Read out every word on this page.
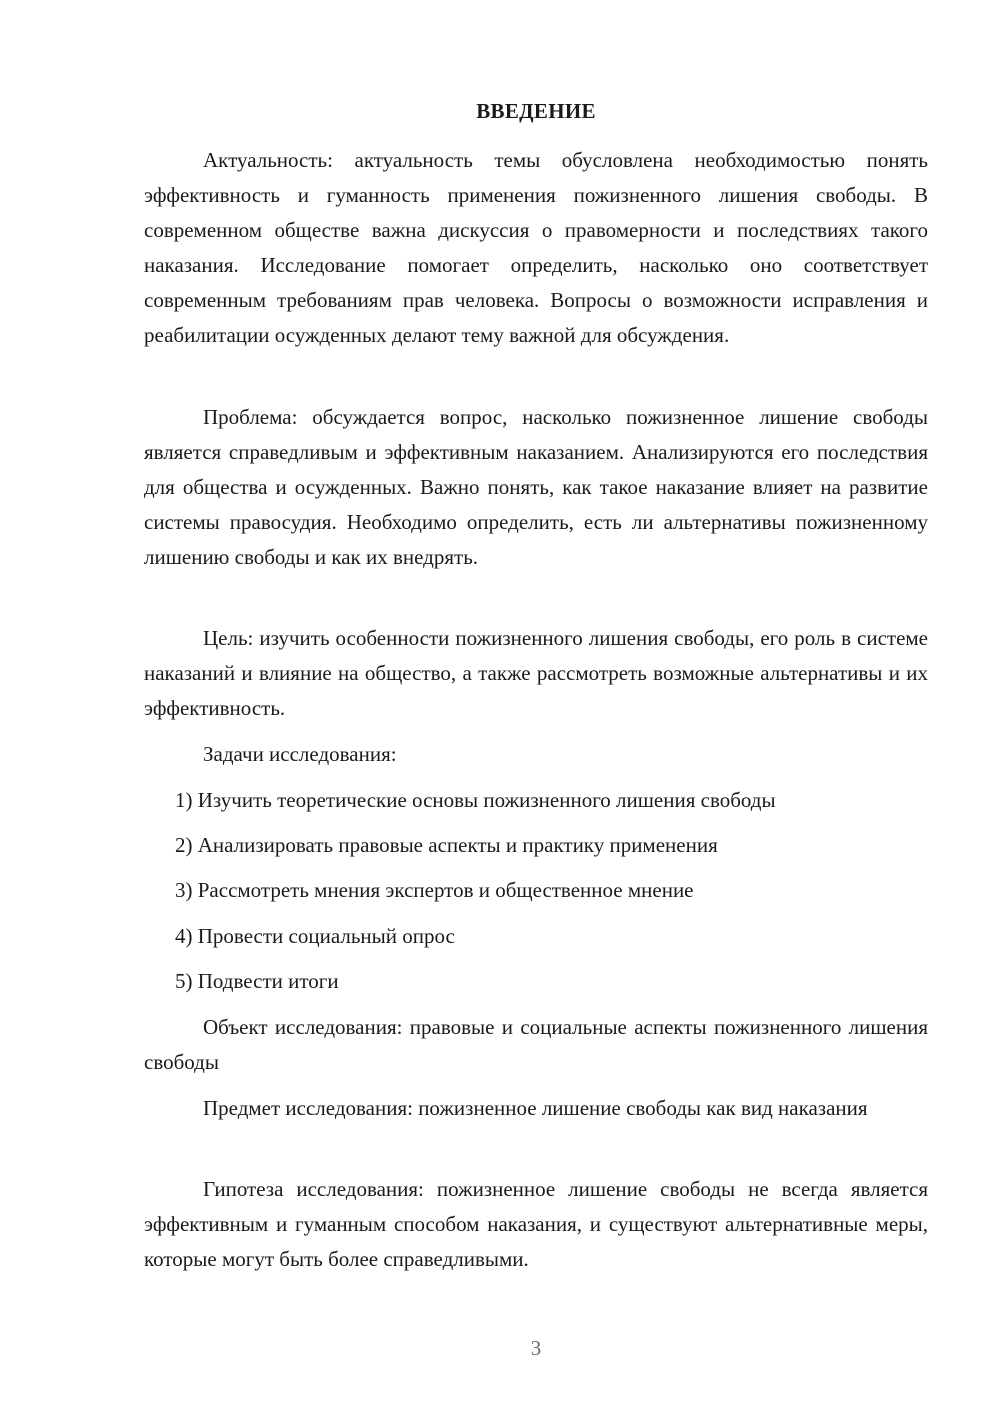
ВВЕДЕНИЕ

Актуальность: актуальность темы обусловлена необходимостью понять эффективность и гуманность применения пожизненного лишения свободы. В современном обществе важна дискуссия о правомерности и последствиях такого наказания. Исследование помогает определить, насколько оно соответствует современным требованиям прав человека. Вопросы о возможности исправления и реабилитации осужденных делают тему важной для обсуждения.

Проблема: обсуждается вопрос, насколько пожизненное лишение свободы является справедливым и эффективным наказанием. Анализируются его последствия для общества и осужденных. Важно понять, как такое наказание влияет на развитие системы правосудия. Необходимо определить, есть ли альтернативы пожизненному лишению свободы и как их внедрять.

Цель: изучить особенности пожизненного лишения свободы, его роль в системе наказаний и влияние на общество, а также рассмотреть возможные альтернативы и их эффективность.

Задачи исследования:

1) Изучить теоретические основы пожизненного лишения свободы
2) Анализировать правовые аспекты и практику применения
3) Рассмотреть мнения экспертов и общественное мнение
4) Провести социальный опрос
5) Подвести итоги

Объект исследования: правовые и социальные аспекты пожизненного лишения свободы

Предмет исследования: пожизненное лишение свободы как вид наказания

Гипотеза исследования: пожизненное лишение свободы не всегда является эффективным и гуманным способом наказания, и существуют альтернативные меры, которые могут быть более справедливыми.

3
